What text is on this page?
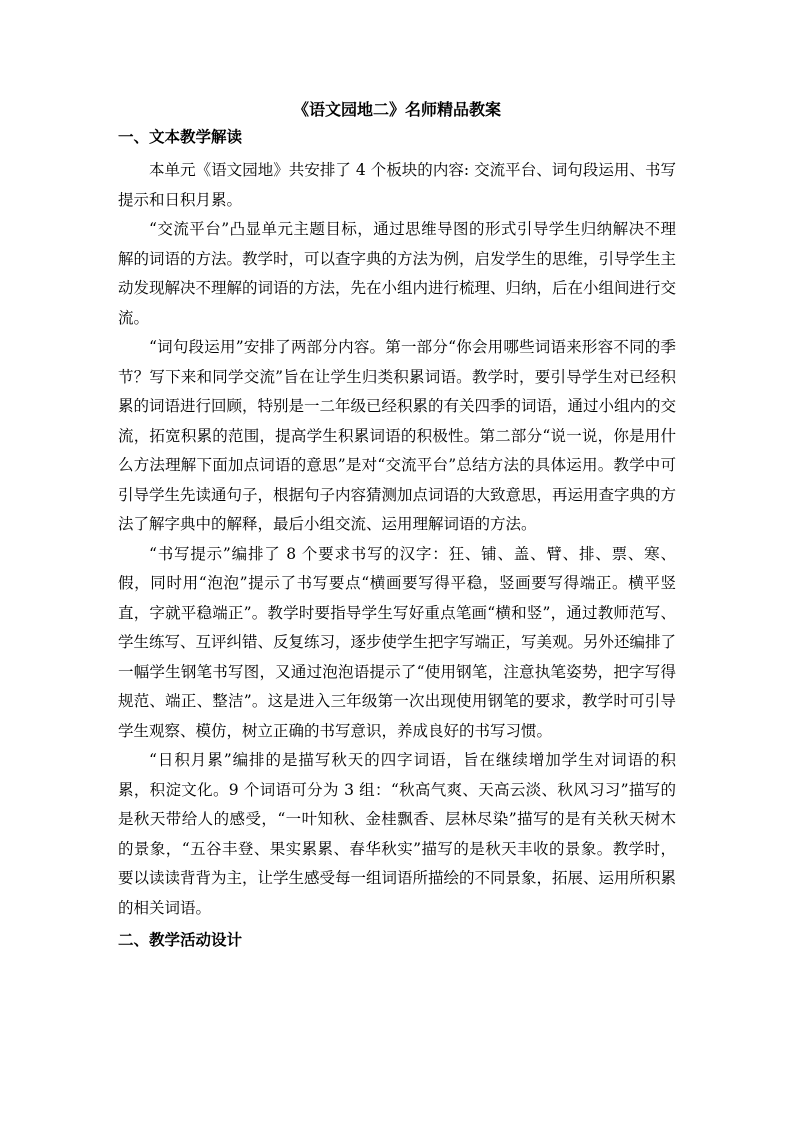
《语文园地二》名师精品教案
一、文本教学解读

本单元《语文园地》共安排了 4 个板块的内容: 交流平台、词句段运用、书写提示和日积月累。

“交流平台”凸显单元主题目标，通过思维导图的形式引导学生归纳解决不理解的词语的方法。教学时，可以查字典的方法为例，启发学生的思维，引导学生主动发现解决不理解的词语的方法，先在小组内进行梳理、归纳，后在小组间进行交流。

“词句段运用”安排了两部分内容。第一部分“你会用哪些词语来形容不同的季节？写下来和同学交流”旨在让学生归类积累词语。教学时，要引导学生对已经积累的词语进行回顾，特别是一二年级已经积累的有关四季的词语，通过小组内的交流，拓宽积累的范围，提高学生积累词语的积极性。第二部分“说一说，你是用什么方法理解下面加点词语的意思”是对“交流平台”总结方法的具体运用。教学中可引导学生先读通句子，根据句子内容猜测加点词语的大致意思，再运用查字典的方法了解字典中的解释，最后小组交流、运用理解词语的方法。

“书写提示”编排了 8 个要求书写的汉字：狂、铺、盖、臂、排、票、寒、假，同时用“泡泡”提示了书写要点“横画要写得平稳，竖画要写得端正。横平竖直，字就平稳端正”。教学时要指导学生写好重点笔画“横和竖”，通过教师范写、学生练写、互评纠错、反复练习，逐步使学生把字写端正，写美观。另外还编排了一幅学生钢笔书写图，又通过泡泡语提示了“使用钢笔，注意执笔姿势，把字写得规范、端正、整洁”。这是进入三年级第一次出现使用钢笔的要求，教学时可引导学生观察、模仿，树立正确的书写意识，养成良好的书写习惯。

“日积月累”编排的是描写秋天的四字词语，旨在继续增加学生对词语的积累，积淀文化。9 个词语可分为 3 组：“秋高气爽、天高云淡、秋风习习”描写的是秋天带给人的感受，“一叶知秋、金桂飘香、层林尽染”描写的是有关秋天树木的景象，“五谷丰登、果实累累、春华秋实”描写的是秋天丰收的景象。教学时，要以读读背背为主，让学生感受每一组词语所描绘的不同景象，拓展、运用所积累的相关词语。

二、教学活动设计
